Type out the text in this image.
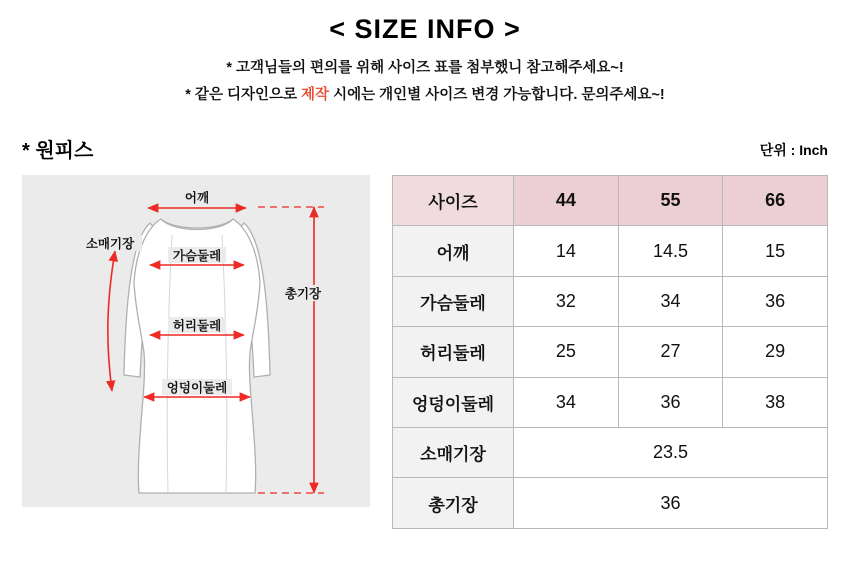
< SIZE INFO >
* 고객님들의 편의를 위해 사이즈 표를 첨부했니 참고해주세요~!
* 같은 디자인으로 제작 시에는 개인별 사이즈 변경 가능합니다. 문의주세요~!
* 원피스	단위 : Inch
어깨
가슴둘레
허리둘레
엉덩이둘레
소매기장
총기장
사이즈	44	55	66
어깨	14	14.5	15
가슴둘레	32	34	36
허리둘레	25	27	29
엉덩이둘레	34	36	38
소매기장	23.5		
총기장	36		
